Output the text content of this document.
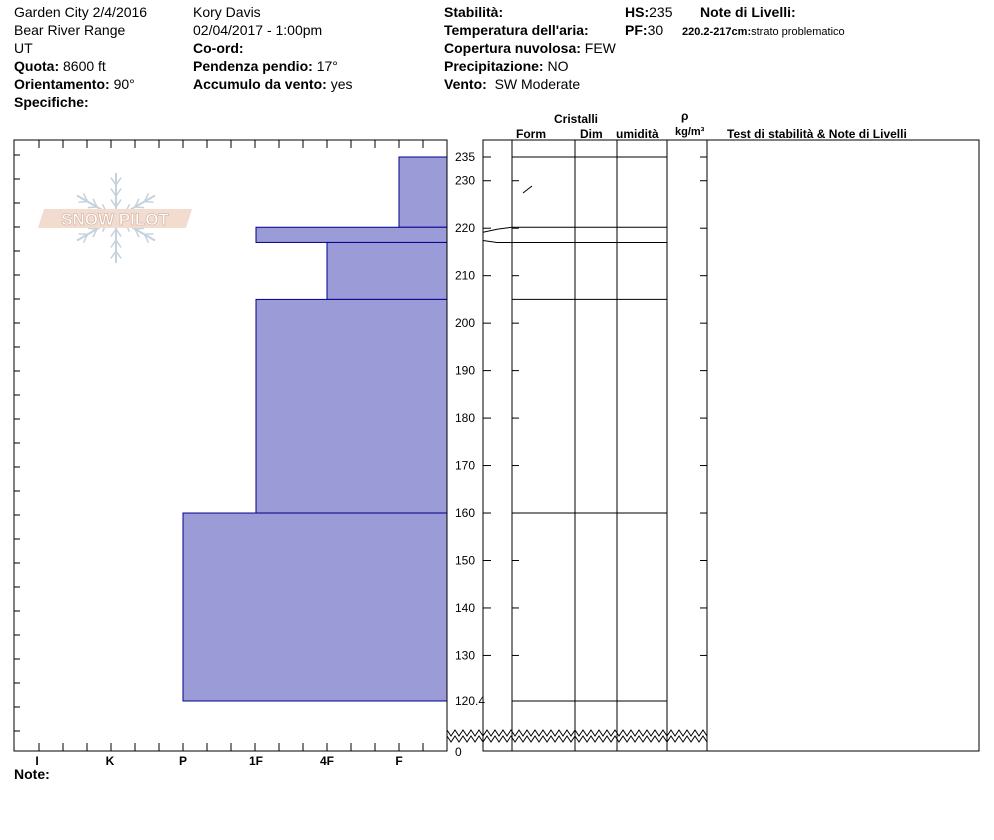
Garden City 2/4/2016
Bear River Range
UT
Quota: 8600 ft
Orientamento: 90°
Specifiche:
Kory Davis
02/04/2017 - 1:00pm
Co-ord:
Pendenza pendio: 17°
Accumulo da vento: yes
Stabilità:
Temperatura dell'aria:
Copertura nuvolosa: FEW
Precipitazione: NO
Vento: SW Moderate
HS:235
PF:30
Note di Livelli:
220.2-217cm:strato problematico
Cristalli
Form	Dim umidità
ρ
kg/m³ Test di stabilità & Note di Livelli
Note:
SNOW PILOT
I	K	P	1F	4F	F
235
230
220
210
200
190
180
170
160
150
140
130
120.4
0
